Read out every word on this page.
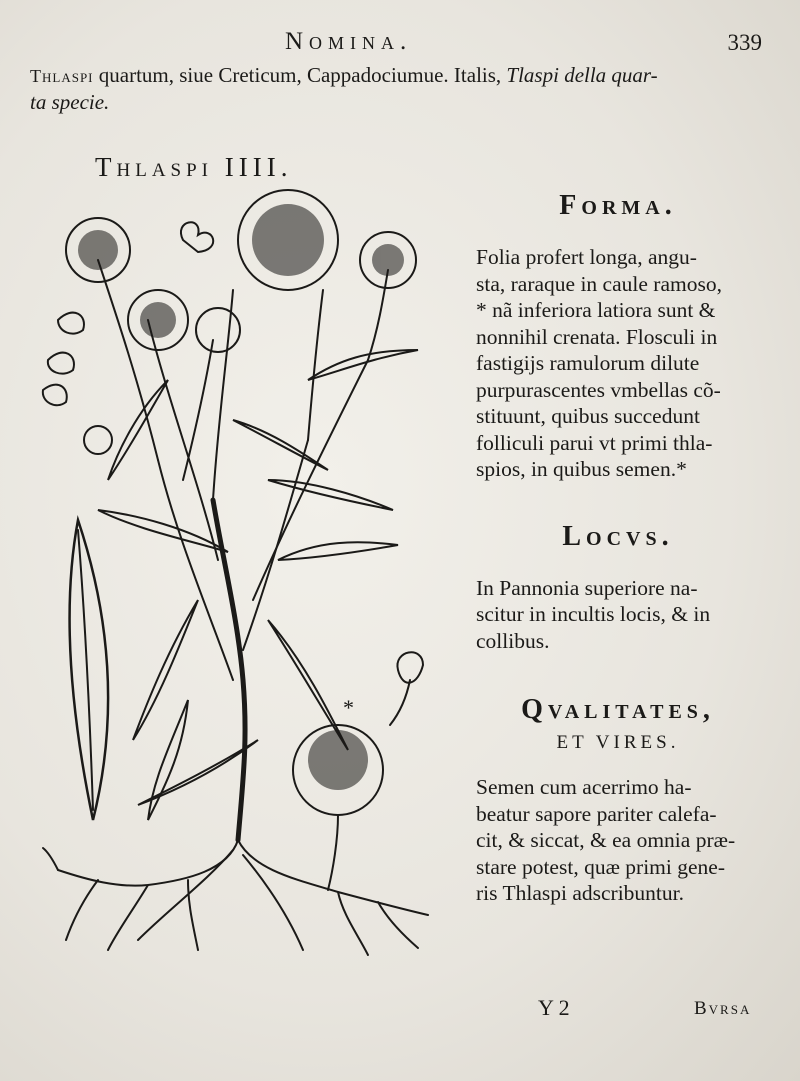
Nomina.	339
Thlaspi quartum, siue Creticum, Cappadociumue. Italis, Tlaspi della quar-
ta specie.
Thlaspi IIII.
*
Forma.

Folia profert longa, angu-
sta, raraque in caule ramoso,
* nã inferiora latiora sunt &
nonnihil crenata. Flosculi in
fastigijs ramulorum dilute
purpurascentes vmbellas cõ-
stituunt, quibus succedunt
folliculi parui vt primi thla-
spios, in quibus semen.*

Locvs.

In Pannonia superiore na-
scitur in incultis locis, & in
collibus.

Qvalitates,

ET VIRES.

Semen cum acerrimo ha-
beatur sapore pariter calefa-
cit, & siccat, & ea omnia præ-
stare potest, quæ primi gene-
ris Thlaspi adscribuntur.

Y 2	Bvrsa
